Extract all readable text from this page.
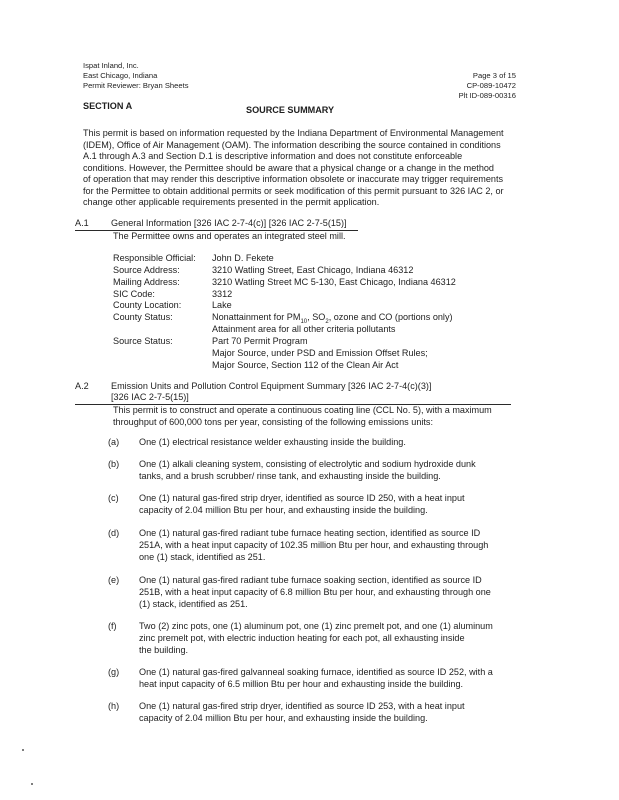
Ispat Inland, Inc.
East Chicago, Indiana
Permit Reviewer: Bryan Sheets
Page 3 of 15
CP-089-10472
Plt ID-089-00316
SECTION A	SOURCE SUMMARY
This permit is based on information requested by the Indiana Department of Environmental Management
(IDEM), Office of Air Management (OAM). The information describing the source contained in conditions
A.1 through A.3 and Section D.1 is descriptive information and does not constitute enforceable
conditions. However, the Permittee should be aware that a physical change or a change in the method
of operation that may render this descriptive information obsolete or inaccurate may trigger requirements
for the Permittee to obtain additional permits or seek modification of this permit pursuant to 326 IAC 2, or
change other applicable requirements presented in the permit application.
A.1 General Information [326 IAC 2-7-4(c)] [326 IAC 2-7-5(15)]
The Permittee owns and operates an integrated steel mill.
Responsible Official: John D. Fekete
Source Address:	3210 Watling Street, East Chicago, Indiana 46312
Mailing Address:	3210 Watling Street MC 5-130, East Chicago, Indiana 46312
SIC Code:	3312
County Location:	Lake
County Status:	Nonattainment for $PM_{10}$, $SO_2$, ozone and CO (portions only)
Attainment area for all other criteria pollutants
Source Status:	Part 70 Permit Program
Major Source, under PSD and Emission Offset Rules;
Major Source, Section 112 of the Clean Air Act
A.2 Emission Units and Pollution Control Equipment Summary [326 IAC 2-7-4(c)(3)]
[326 IAC 2-7-5(15)]
This permit is to construct and operate a continuous coating line (CCL No. 5), with a maximum
throughput of 600,000 tons per year, consisting of the following emissions units:
(a) One (1) electrical resistance welder exhausting inside the building.
(b) One (1) alkali cleaning system, consisting of electrolytic and sodium hydroxide dunk
tanks, and a brush scrubber/ rinse tank, and exhausting inside the building.
(c) One (1) natural gas-fired strip dryer, identified as source ID 250, with a heat input
capacity of 2.04 million Btu per hour, and exhausting inside the building.
(d) One (1) natural gas-fired radiant tube furnace heating section, identified as source ID
251A, with a heat input capacity of 102.35 million Btu per hour, and exhausting through
one (1) stack, identified as 251.
(e) One (1) natural gas-fired radiant tube furnace soaking section, identified as source ID
251B, with a heat input capacity of 6.8 million Btu per hour, and exhausting through one
(1) stack, identified as 251.
(f) Two (2) zinc pots, one (1) aluminum pot, one (1) zinc premelt pot, and one (1) aluminum
zinc premelt pot, with electric induction heating for each pot, all exhausting inside
the building.
(g) One (1) natural gas-fired galvanneal soaking furnace, identified as source ID 252, with a
heat input capacity of 6.5 million Btu per hour and exhausting inside the building.
(h) One (1) natural gas-fired strip dryer, identified as source ID 253, with a heat input
capacity of 2.04 million Btu per hour, and exhausting inside the building.
